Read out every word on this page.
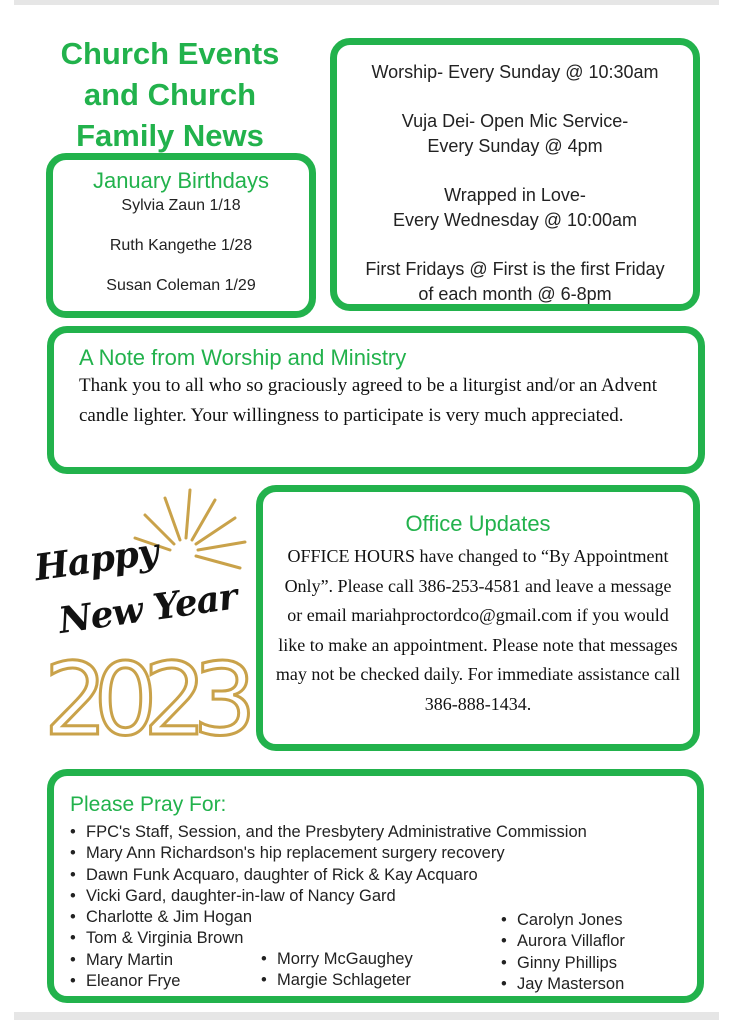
Church Events and Church Family News
January Birthdays
Sylvia Zaun 1/18
Ruth Kangethe 1/28
Susan Coleman 1/29
Worship- Every Sunday @ 10:30am
Vuja Dei- Open Mic Service-
Every Sunday @ 4pm
Wrapped in Love-
Every Wednesday @ 10:00am
First Fridays @ First is the first Friday
of each month @ 6-8pm
A Note from Worship and Ministry
Thank you to all who so graciously agreed to be a liturgist and/or an Advent candle lighter. Your willingness to participate is very much appreciated.
Happy
New Year
2023
Office Updates
OFFICE HOURS have changed to “By Appointment Only”. Please call 386-253-4581 and leave a message or email mariahproctordco@gmail.com if you would like to make an appointment. Please note that messages may not be checked daily. For immediate assistance call 386-888-1434.
Please Pray For:
• FPC's Staff, Session, and the Presbytery Administrative Commission
• Mary Ann Richardson's hip replacement surgery recovery
• Dawn Funk Acquaro, daughter of Rick & Kay Acquaro
• Vicki Gard, daughter-in-law of Nancy Gard
• Charlotte & Jim Hogan
• Tom & Virginia Brown
• Mary Martin
• Eleanor Frye
• Morry McGaughey
• Margie Schlageter
• Carolyn Jones
• Aurora Villaflor
• Ginny Phillips
• Jay Masterson
